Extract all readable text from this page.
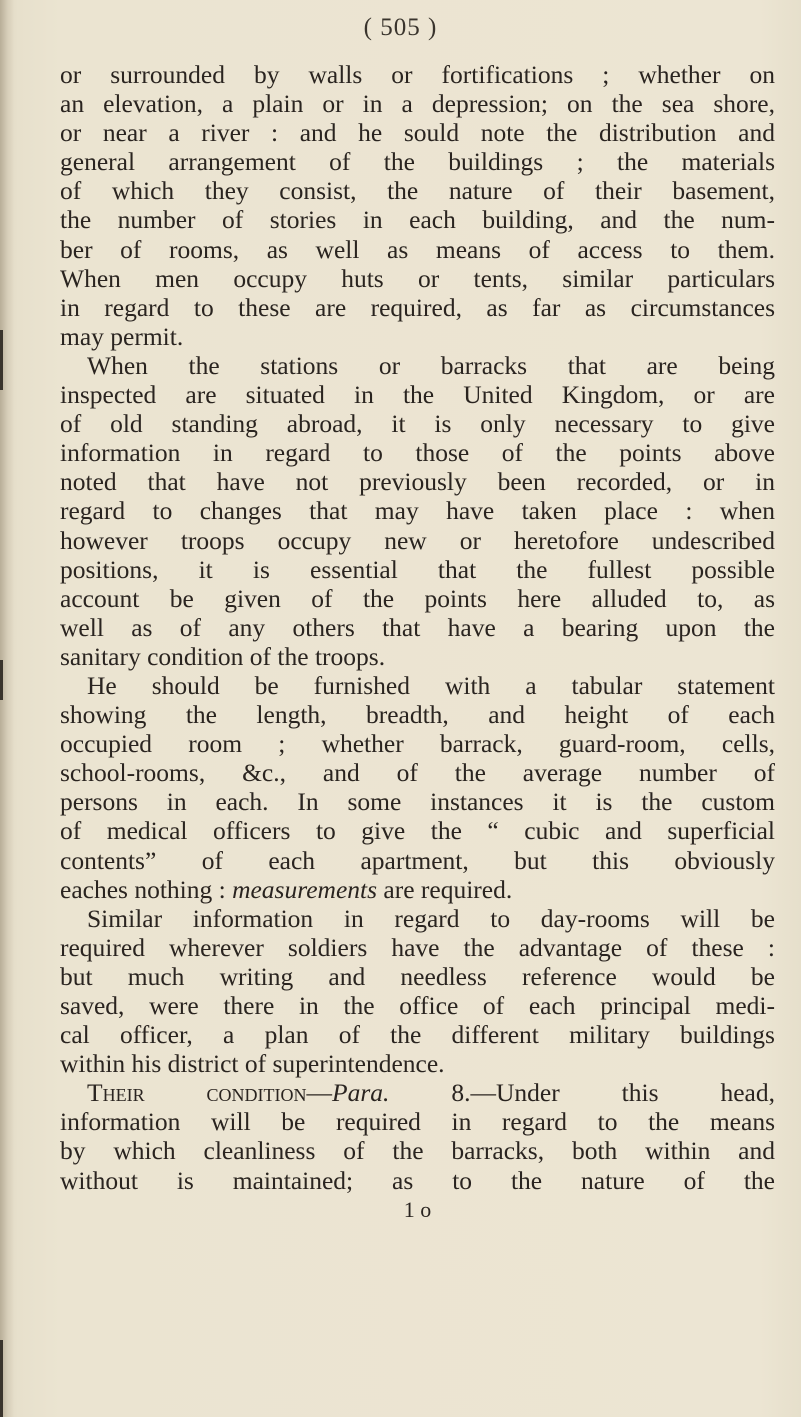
( 505 )
or surrounded by walls or fortifications ; whether on
an elevation, a plain or in a depression; on the sea shore,
or near a river : and he sould note the distribution and
general arrangement of the buildings ; the materials
of which they consist, the nature of their basement,
the number of stories in each building, and the num-
ber of rooms, as well as means of access to them.
When men occupy huts or tents, similar particulars
in regard to these are required, as far as circumstances
may permit.
When the stations or barracks that are being
inspected are situated in the United Kingdom, or are
of old standing abroad, it is only necessary to give
information in regard to those of the points above
noted that have not previously been recorded, or in
regard to changes that may have taken place : when
however troops occupy new or heretofore undescribed
positions, it is essential that the fullest possible
account be given of the points here alluded to, as
well as of any others that have a bearing upon the
sanitary condition of the troops.
He should be furnished with a tabular statement
showing the length, breadth, and height of each
occupied room ; whether barrack, guard-room, cells,
school-rooms, &c., and of the average number of
persons in each. In some instances it is the custom
of medical officers to give the “ cubic and superficial
contents” of each apartment, but this obviously
eaches nothing : measurements are required.
Similar information in regard to day-rooms will be
required wherever soldiers have the advantage of these :
but much writing and needless reference would be
saved, were there in the office of each principal medi-
cal officer, a plan of the different military buildings
within his district of superintendence.
Their condition—Para. 8.—Under this head,
information will be required in regard to the means
by which cleanliness of the barracks, both within and
without is maintained; as to the nature of the
1 o
